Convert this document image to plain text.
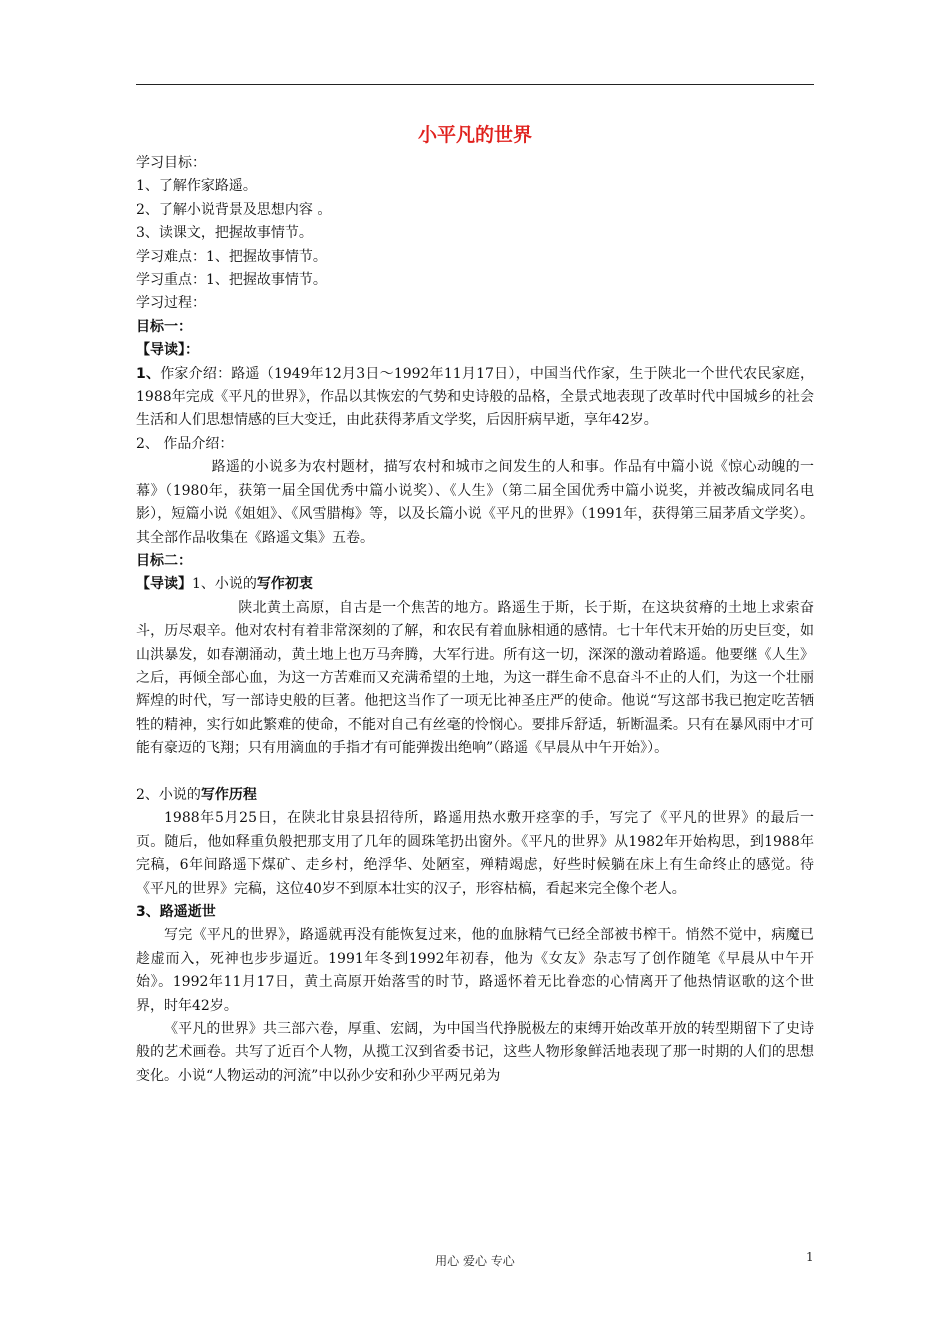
小平凡的世界
学习目标：
1、了解作家路遥。
2、了解小说背景及思想内容 。
3、读课文，把握故事情节。
学习难点：1、把握故事情节。
学习重点：1、把握故事情节。
学习过程：
目标一：
【导读】：
1、作家介绍：路遥（1949年12月3日～1992年11月17日），中国当代作家，生于陕北一个世代农民家庭，1988年完成《平凡的世界》，作品以其恢宏的气势和史诗般的品格，全景式地表现了改革时代中国城乡的社会生活和人们思想情感的巨大变迁，由此获得茅盾文学奖，后因肝病早逝，享年42岁。
2、 作品介绍：
路遥的小说多为农村题材，描写农村和城市之间发生的人和事。作品有中篇小说《惊心动魄的一幕》（1980年，获第一届全国优秀中篇小说奖）、《人生》（第二届全国优秀中篇小说奖，并被改编成同名电影），短篇小说《姐姐》、《风雪腊梅》等，以及长篇小说《平凡的世界》（1991年，获得第三届茅盾文学奖）。其全部作品收集在《路遥文集》五卷。
目标二：
【导读】1、小说的写作初衷
陕北黄土高原，自古是一个焦苦的地方。路遥生于斯，长于斯，在这块贫瘠的土地上求索奋斗，历尽艰辛。他对农村有着非常深刻的了解，和农民有着血脉相通的感情。七十年代末开始的历史巨变，如山洪暴发，如春潮涌动，黄土地上也万马奔腾，大军行进。所有这一切，深深的激动着路遥。他要继《人生》之后，再倾全部心血，为这一方苦难而又充满希望的土地，为这一群生命不息奋斗不止的人们，为这一个壮丽辉煌的时代，写一部诗史般的巨著。他把这当作了一项无比神圣庄严的使命。他说“写这部书我已抱定吃苦牺牲的精神，实行如此繁难的使命，不能对自己有丝毫的怜悯心。要排斥舒适，斩断温柔。只有在暴风雨中才可能有豪迈的飞翔；只有用滴血的手指才有可能弹拨出绝响”（路遥《早晨从中午开始》）。
2、小说的写作历程
1988年5月25日，在陕北甘泉县招待所，路遥用热水敷开痉挛的手，写完了《平凡的世界》的最后一页。随后，他如释重负般把那支用了几年的圆珠笔扔出窗外。《平凡的世界》从1982年开始构思，到1988年完稿，6年间路遥下煤矿、走乡村，绝浮华、处陋室，殚精竭虑，好些时候躺在床上有生命终止的感觉。待《平凡的世界》完稿，这位40岁不到原本壮实的汉子，形容枯槁，看起来完全像个老人。
3、路遥逝世
写完《平凡的世界》，路遥就再没有能恢复过来，他的血脉精气已经全部被书榨干。悄然不觉中，病魔已趁虚而入，死神也步步逼近。1991年冬到1992年初春，他为《女友》杂志写了创作随笔《早晨从中午开始》。1992年11月17日，黄土高原开始落雪的时节，路遥怀着无比眷恋的心情离开了他热情讴歌的这个世界，时年42岁。
《平凡的世界》共三部六卷，厚重、宏阔，为中国当代挣脱极左的束缚开始改革开放的转型期留下了史诗般的艺术画卷。共写了近百个人物，从揽工汉到省委书记，这些人物形象鲜活地表现了那一时期的人们的思想变化。小说“人物运动的河流”中以孙少安和孙少平两兄弟为
用心 爱心 专心	1
